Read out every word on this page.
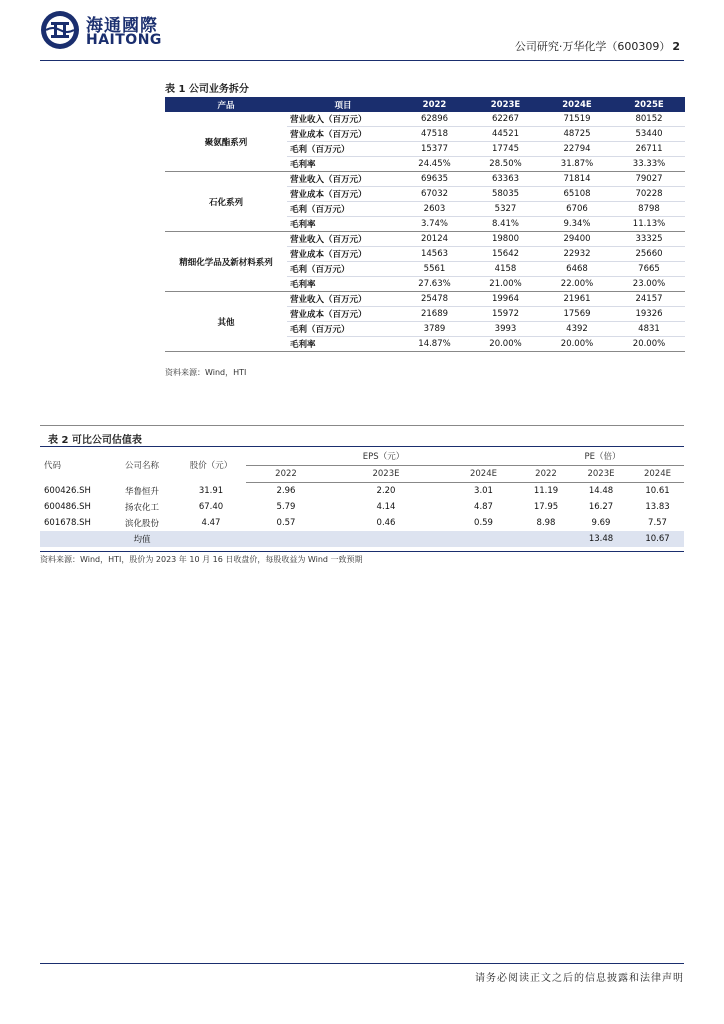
海通國際
HAITONG	公司研究·万华化学（600309） 2
表 1 公司业务拆分
产品	项目	2022	2023E	2024E	2025E
聚氨酯系列	营业收入（百万元）	62896	62267	71519	80152
	营业成本（百万元）	47518	44521	48725	53440
	毛利（百万元）	15377	17745	22794	26711
	毛利率	24.45%	28.50%	31.87%	33.33%
石化系列	营业收入（百万元）	69635	63363	71814	79027
	营业成本（百万元）	67032	58035	65108	70228
	毛利（百万元）	2603	5327	6706	8798
	毛利率	3.74%	8.41%	9.34%	11.13%
精细化学品及新材料系列	营业收入（百万元）	20124	19800	29400	33325
	营业成本（百万元）	14563	15642	22932	25660
	毛利（百万元）	5561	4158	6468	7665
	毛利率	27.63%	21.00%	22.00%	23.00%
其他	营业收入（百万元）	25478	19964	21961	24157
	营业成本（百万元）	21689	15972	17569	19326
	毛利（百万元）	3789	3993	4392	4831
	毛利率	14.87%	20.00%	20.00%	20.00%
资料来源：Wind，HTI
表 2 可比公司估值表
代码	公司名称	股价（元）	EPS（元）			PE（倍）		
			2022	2023E	2024E	2022	2023E	2024E
600426.SH	华鲁恒升	31.91	2.96	2.20	3.01	11.19	14.48	10.61
600486.SH	扬农化工	67.40	5.79	4.14	4.87	17.95	16.27	13.83
601678.SH	滨化股份	4.47	0.57	0.46	0.59	8.98	9.69	7.57
	均值						13.48	10.67
资料来源：Wind，HTI，股价为 2023 年 10 月 16 日收盘价，每股收益为 Wind 一致预期
请务必阅读正文之后的信息披露和法律声明
